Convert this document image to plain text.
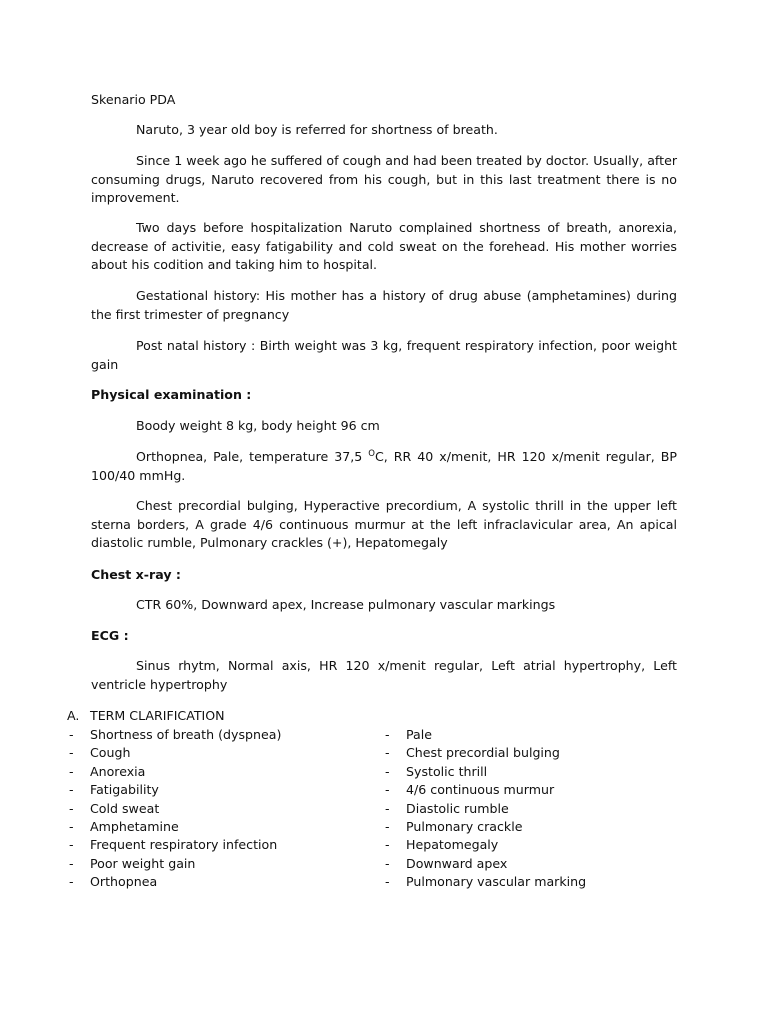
Skenario PDA

Naruto, 3 year old boy is referred for shortness of breath.

Since 1 week ago he suffered of cough and had been treated by doctor. Usually, after consuming drugs, Naruto recovered from his cough, but in this last treatment there is no improvement.

Two days before hospitalization Naruto complained shortness of breath, anorexia, decrease of activitie, easy fatigability and cold sweat on the forehead. His mother worries about his codition and taking him to hospital.

Gestational history: His mother has a history of drug abuse (amphetamines) during the first trimester of pregnancy

Post natal history : Birth weight was 3 kg, frequent respiratory infection, poor weight gain

Physical examination :

Boody weight 8 kg, body height 96 cm

Orthopnea, Pale, temperature 37,5 $^O$C, RR 40 x/menit, HR 120 x/menit regular, BP 100/40 mmHg.

Chest precordial bulging, Hyperactive precordium, A systolic thrill in the upper left sterna borders, A grade 4/6 continuous murmur at the left infraclavicular area, An apical diastolic rumble, Pulmonary crackles (+), Hepatomegaly

Chest x-ray :

CTR 60%, Downward apex, Increase pulmonary vascular markings

ECG :

Sinus rhytm, Normal axis, HR 120 x/menit regular, Left atrial hypertrophy, Left ventricle hypertrophy

A. TERM CLARIFICATION
- Shortness of breath (dyspnea)
- Cough
- Anorexia
- Fatigability
- Cold sweat
- Amphetamine
- Frequent respiratory infection
- Poor weight gain
- Orthopnea
- Pale
- Chest precordial bulging
- Systolic thrill
- 4/6 continuous murmur
- Diastolic rumble
- Pulmonary crackle
- Hepatomegaly
- Downward apex
- Pulmonary vascular marking
